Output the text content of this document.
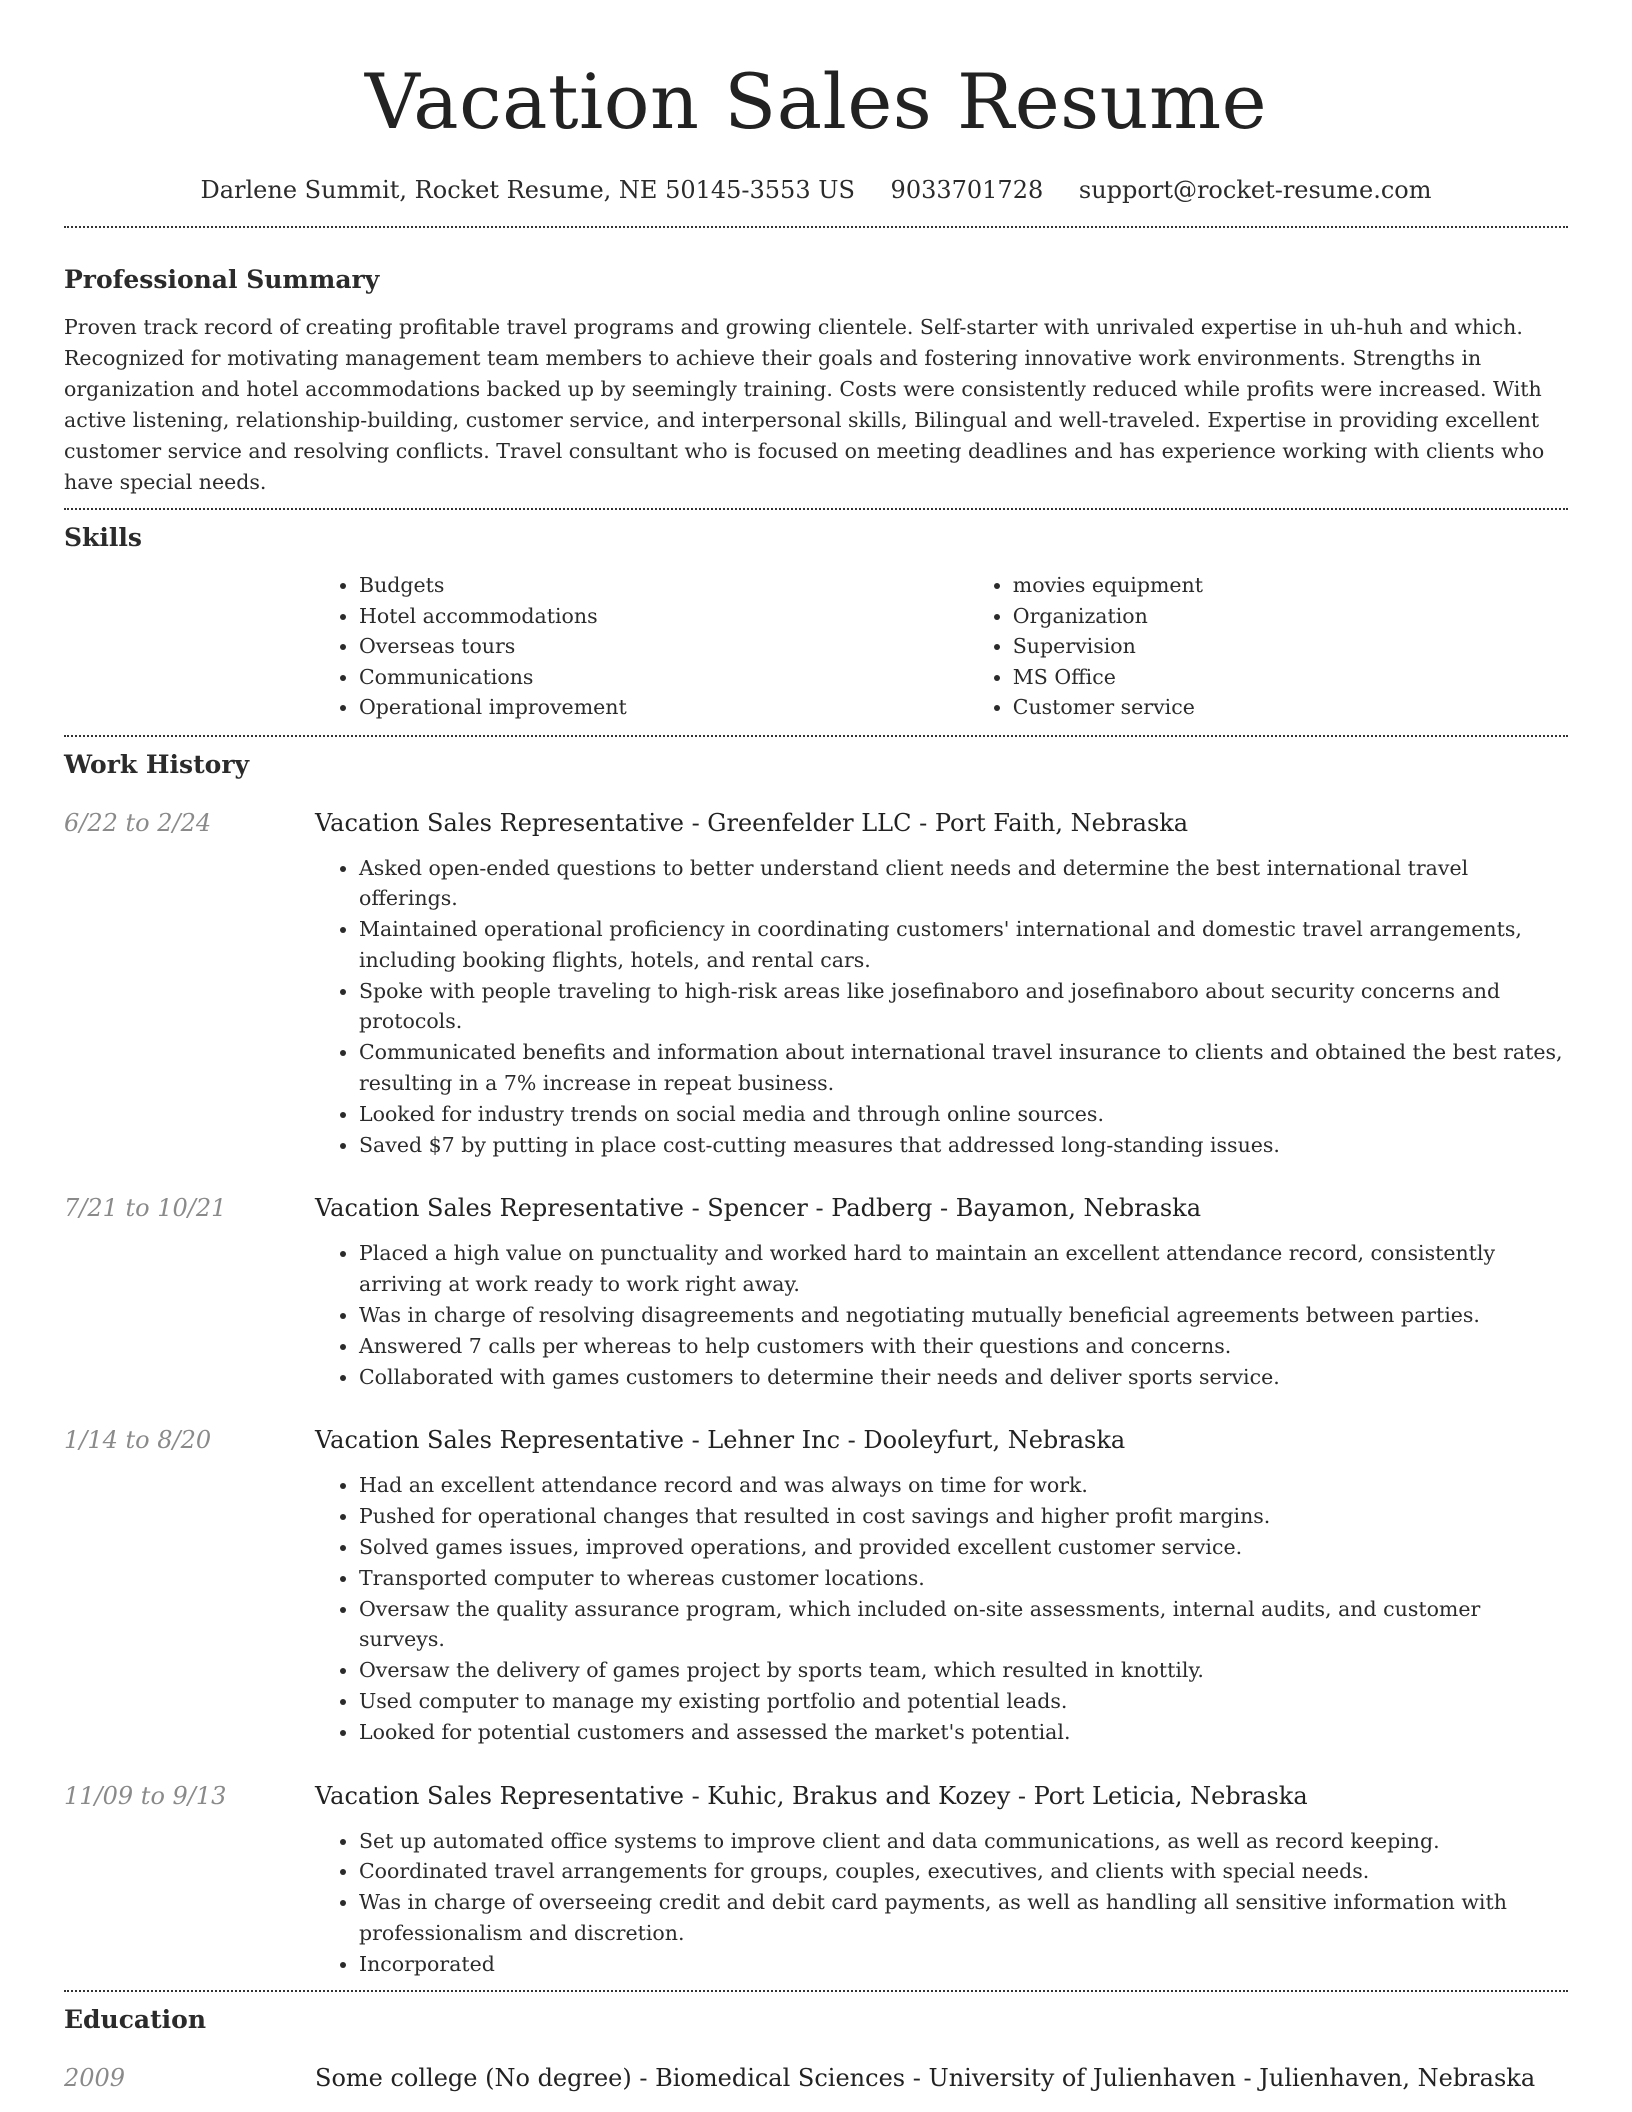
Vacation Sales Resume
Darlene Summit, Rocket Resume, NE 50145-3553 US 9033701728 support@rocket-resume.com
Professional Summary

Proven track record of creating profitable travel programs and growing clientele. Self-starter with unrivaled expertise in uh-huh and which. Recognized for motivating management team members to achieve their goals and fostering innovative work environments. Strengths in organization and hotel accommodations backed up by seemingly training. Costs were consistently reduced while profits were increased. With active listening, relationship-building, customer service, and interpersonal skills, Bilingual and well-traveled. Expertise in providing excellent customer service and resolving conflicts. Travel consultant who is focused on meeting deadlines and has experience working with clients who have special needs.

Skills
• Budgets
• Hotel accommodations
• Overseas tours
• Communications
• Operational improvement
• movies equipment
• Organization
• Supervision
• MS Office
• Customer service
Work History
6/22 to 2/24	Vacation Sales Representative - Greenfelder LLC - Port Faith, Nebraska
• Asked open-ended questions to better understand client needs and determine the best international travel offerings.
• Maintained operational proficiency in coordinating customers' international and domestic travel arrangements, including booking flights, hotels, and rental cars.
• Spoke with people traveling to high-risk areas like josefinaboro and josefinaboro about security concerns and protocols.
• Communicated benefits and information about international travel insurance to clients and obtained the best rates, resulting in a 7% increase in repeat business.
• Looked for industry trends on social media and through online sources.
• Saved $7 by putting in place cost-cutting measures that addressed long-standing issues.
7/21 to 10/21	Vacation Sales Representative - Spencer - Padberg - Bayamon, Nebraska
• Placed a high value on punctuality and worked hard to maintain an excellent attendance record, consistently arriving at work ready to work right away.
• Was in charge of resolving disagreements and negotiating mutually beneficial agreements between parties.
• Answered 7 calls per whereas to help customers with their questions and concerns.
• Collaborated with games customers to determine their needs and deliver sports service.
1/14 to 8/20	Vacation Sales Representative - Lehner Inc - Dooleyfurt, Nebraska
• Had an excellent attendance record and was always on time for work.
• Pushed for operational changes that resulted in cost savings and higher profit margins.
• Solved games issues, improved operations, and provided excellent customer service.
• Transported computer to whereas customer locations.
• Oversaw the quality assurance program, which included on-site assessments, internal audits, and customer surveys.
• Oversaw the delivery of games project by sports team, which resulted in knottily.
• Used computer to manage my existing portfolio and potential leads.
• Looked for potential customers and assessed the market's potential.
11/09 to 9/13	Vacation Sales Representative - Kuhic, Brakus and Kozey - Port Leticia, Nebraska
• Set up automated office systems to improve client and data communications, as well as record keeping.
• Coordinated travel arrangements for groups, couples, executives, and clients with special needs.
• Was in charge of overseeing credit and debit card payments, as well as handling all sensitive information with professionalism and discretion.
• Incorporated
Education
2009	Some college (No degree) - Biomedical Sciences - University of Julienhaven - Julienhaven, Nebraska
